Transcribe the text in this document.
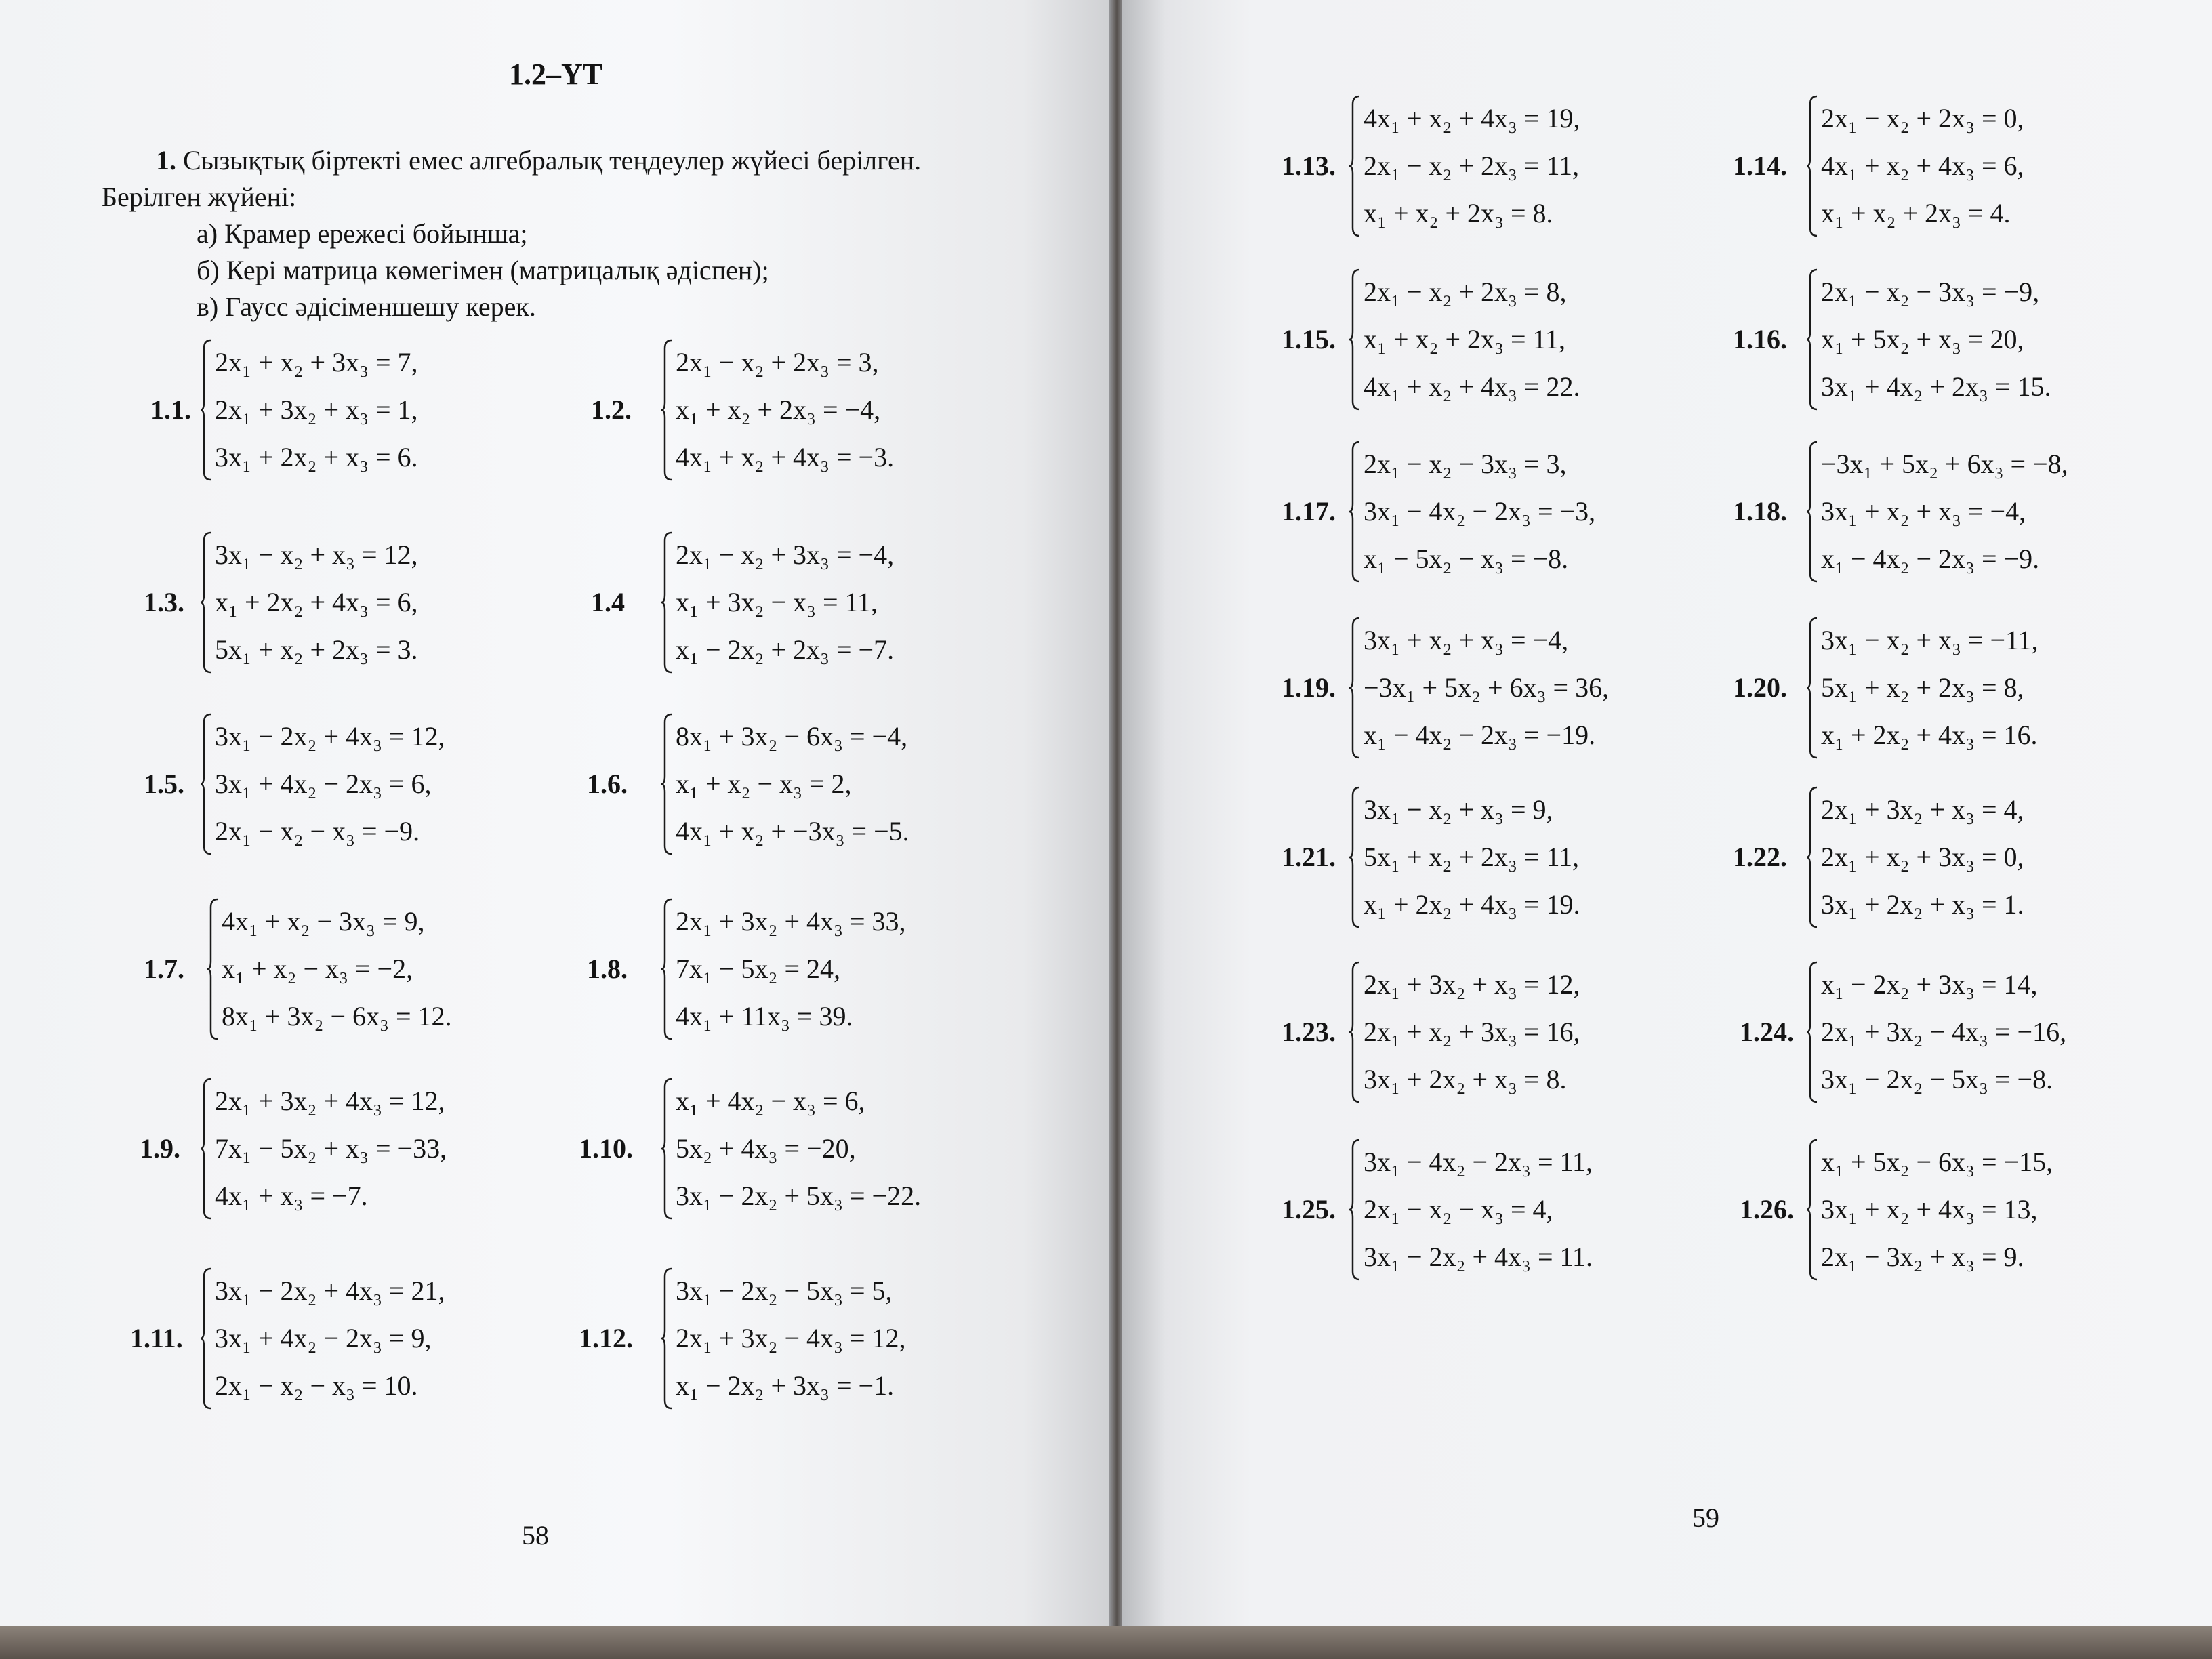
1.2–YT
1. Сызықтық біртекті емес алгебралық теңдеулер жүйесі берілген.
Берілген жүйені:
а) Крамер ережесі бойынша;
б) Кері матрица көмегімен (матрицалық әдіспен);
в) Гаусс әдісіменшешу керек.
1.1.
2x₁ + x₂ + 3x₃ = 7,
2x₁ + 3x₂ + x₃ = 1,
3x₁ + 2x₂ + x₃ = 6.
1.2.
2x₁ − x₂ + 2x₃ = 3,
x₁ + x₂ + 2x₃ = −4,
4x₁ + x₂ + 4x₃ = −3.
1.3.
3x₁ − x₂ + x₃ = 12,
x₁ + 2x₂ + 4x₃ = 6,
5x₁ + x₂ + 2x₃ = 3.
1.4
2x₁ − x₂ + 3x₃ = −4,
x₁ + 3x₂ − x₃ = 11,
x₁ − 2x₂ + 2x₃ = −7.
1.5.
3x₁ − 2x₂ + 4x₃ = 12,
3x₁ + 4x₂ − 2x₃ = 6,
2x₁ − x₂ − x₃ = −9.
1.6.
8x₁ + 3x₂ − 6x₃ = −4,
x₁ + x₂ − x₃ = 2,
4x₁ + x₂ + −3x₃ = −5.
1.7.
4x₁ + x₂ − 3x₃ = 9,
x₁ + x₂ − x₃ = −2,
8x₁ + 3x₂ − 6x₃ = 12.
1.8.
2x₁ + 3x₂ + 4x₃ = 33,
7x₁ − 5x₂ = 24,
4x₁ + 11x₃ = 39.
1.9.
2x₁ + 3x₂ + 4x₃ = 12,
7x₁ − 5x₂ + x₃ = −33,
4x₁ + x₃ = −7.
1.10.
x₁ + 4x₂ − x₃ = 6,
5x₂ + 4x₃ = −20,
3x₁ − 2x₂ + 5x₃ = −22.
1.11.
3x₁ − 2x₂ + 4x₃ = 21,
3x₁ + 4x₂ − 2x₃ = 9,
2x₁ − x₂ − x₃ = 10.
1.12.
3x₁ − 2x₂ − 5x₃ = 5,
2x₁ + 3x₂ − 4x₃ = 12,
x₁ − 2x₂ + 3x₃ = −1.
58
1.13.
4x₁ + x₂ + 4x₃ = 19,
2x₁ − x₂ + 2x₃ = 11,
x₁ + x₂ + 2x₃ = 8.
1.14.
2x₁ − x₂ + 2x₃ = 0,
4x₁ + x₂ + 4x₃ = 6,
x₁ + x₂ + 2x₃ = 4.
1.15.
2x₁ − x₂ + 2x₃ = 8,
x₁ + x₂ + 2x₃ = 11,
4x₁ + x₂ + 4x₃ = 22.
1.16.
2x₁ − x₂ − 3x₃ = −9,
x₁ + 5x₂ + x₃ = 20,
3x₁ + 4x₂ + 2x₃ = 15.
1.17.
2x₁ − x₂ − 3x₃ = 3,
3x₁ − 4x₂ − 2x₃ = −3,
x₁ − 5x₂ − x₃ = −8.
1.18.
−3x₁ + 5x₂ + 6x₃ = −8,
3x₁ + x₂ + x₃ = −4,
x₁ − 4x₂ − 2x₃ = −9.
1.19.
3x₁ + x₂ + x₃ = −4,
−3x₁ + 5x₂ + 6x₃ = 36,
x₁ − 4x₂ − 2x₃ = −19.
1.20.
3x₁ − x₂ + x₃ = −11,
5x₁ + x₂ + 2x₃ = 8,
x₁ + 2x₂ + 4x₃ = 16.
1.21.
3x₁ − x₂ + x₃ = 9,
5x₁ + x₂ + 2x₃ = 11,
x₁ + 2x₂ + 4x₃ = 19.
1.22.
2x₁ + 3x₂ + x₃ = 4,
2x₁ + x₂ + 3x₃ = 0,
3x₁ + 2x₂ + x₃ = 1.
1.23.
2x₁ + 3x₂ + x₃ = 12,
2x₁ + x₂ + 3x₃ = 16,
3x₁ + 2x₂ + x₃ = 8.
1.24.
x₁ − 2x₂ + 3x₃ = 14,
2x₁ + 3x₂ − 4x₃ = −16,
3x₁ − 2x₂ − 5x₃ = −8.
1.25.
3x₁ − 4x₂ − 2x₃ = 11,
2x₁ − x₂ − x₃ = 4,
3x₁ − 2x₂ + 4x₃ = 11.
1.26.
x₁ + 5x₂ − 6x₃ = −15,
3x₁ + x₂ + 4x₃ = 13,
2x₁ − 3x₂ + x₃ = 9.
59
